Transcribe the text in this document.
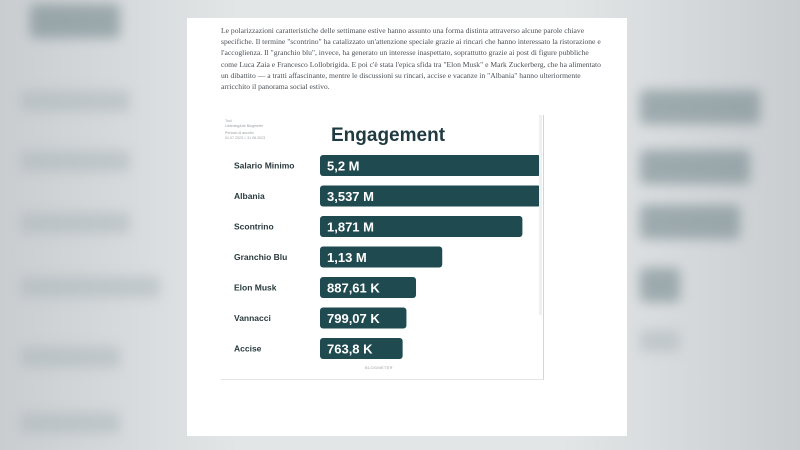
Le polarizzazioni caratteristiche delle settimane estive hanno assunto una forma distinta attraverso alcune parole chiave specifiche. Il termine "scontrino" ha catalizzato un'attenzione speciale grazie ai rincari che hanno interessato la ristorazione e l'accoglienza. Il "granchio blu", invece, ha generato un interesse inaspettato, soprattutto grazie ai post di figure pubbliche come Luca Zaia e Francesco Lollobrigida. E poi c'è stata l'epica sfida tra "Elon Musk" e Mark Zuckerberg, che ha alimentato un dibattito — a tratti affascinante, mentre le discussioni su rincari, accise e vacanze in "Albania" hanno ulteriormente arricchito il panorama social estivo.

Tool
Listening&de Blogmeter
Periodo di ascolto
01.07.2023 > 31.08.2023	Engagement
Salario Minimo	5,2 M
Albania	3,537 M
Scontrino	1,871 M
Granchio Blu	1,13 M
Elon Musk	887,61 K
Vannacci	799,07 K
Accise	763,8 K
BLOGMETER
